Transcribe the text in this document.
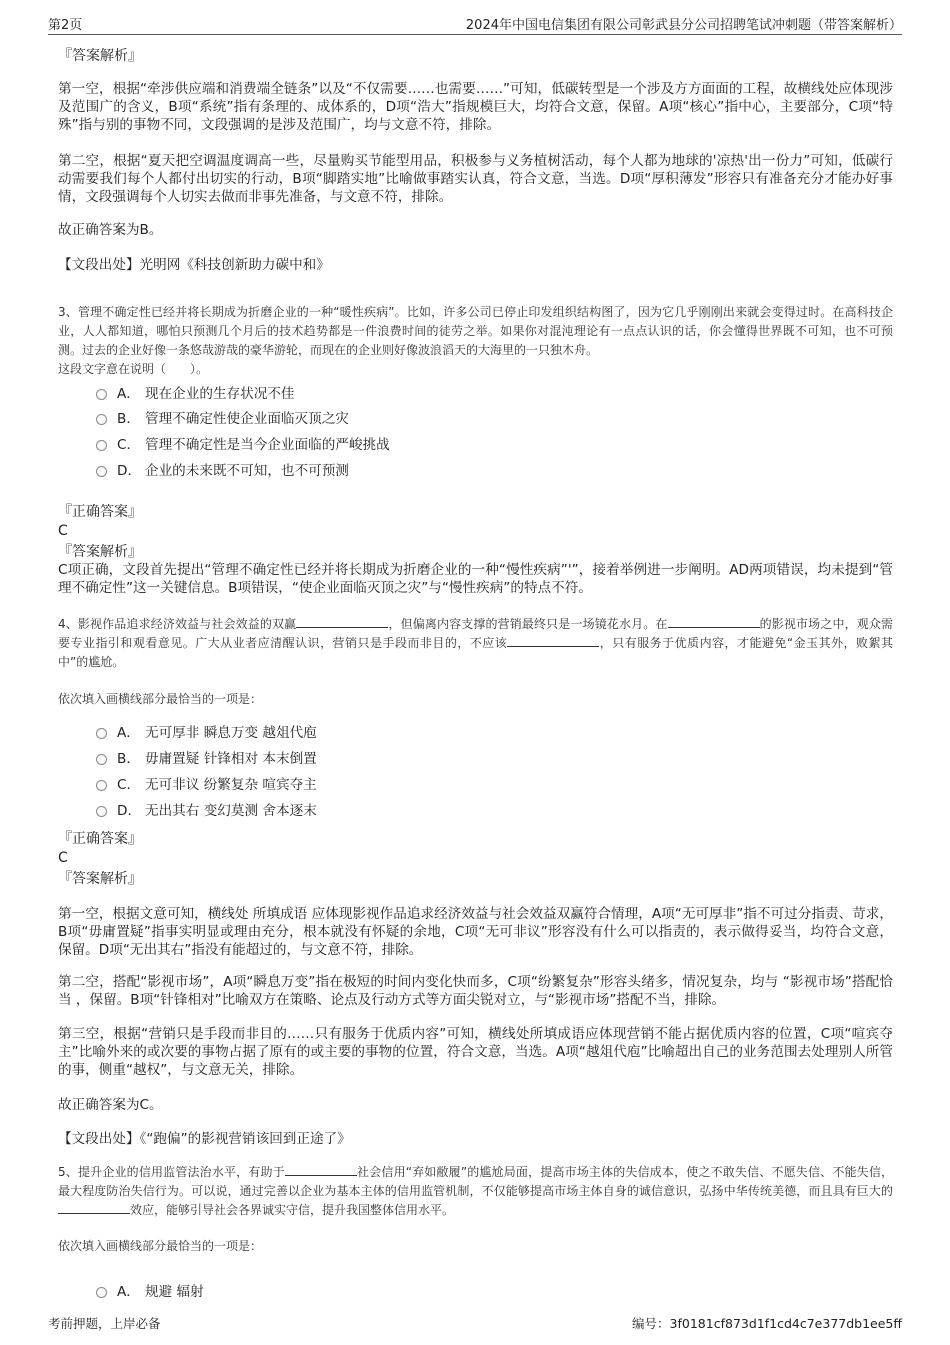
第2页	2024年中国电信集团有限公司彰武县分公司招聘笔试冲刺题（带答案解析）
『答案解析』

第一空，根据“牵涉供应端和消费端全链条”以及“不仅需要……也需要……”可知，低碳转型是一个涉及方方面面的工程，故横线处应体现涉及范围广的含义，B项“系统”指有条理的、成体系的，D项“浩大”指规模巨大，均符合文意，保留。A项“核心”指中心，主要部分，C项“特殊”指与别的事物不同，文段强调的是涉及范围广，均与文意不符，排除。

第二空，根据“夏天把空调温度调高一些，尽量购买节能型用品，积极参与义务植树活动，每个人都为地球的'凉热'出一份力”可知，低碳行动需要我们每个人都付出切实的行动，B项“脚踏实地”比喻做事踏实认真，符合文意，当选。D项“厚积薄发”形容只有准备充分才能办好事情，文段强调每个人切实去做而非事先准备，与文意不符，排除。

故正确答案为B。
【文段出处】光明网《科技创新助力碳中和》

3、管理不确定性已经并将长期成为折磨企业的一种“暖性疾病”。比如，许多公司已停止印发组织结构图了，因为它几乎刚刚出来就会变得过时。在高科技企业，人人都知道，哪怕只预测几个月后的技术趋势都是一件浪费时间的徒劳之举。如果你对混沌理论有一点点认识的话，你会懂得世界既不可知，也不可预测。过去的企业好像一条悠哉游哉的豪华游轮，而现在的企业则好像波浪滔天的大海里的一只独木舟。

这段文字意在说明（　　）。
A． 现在企业的生存状况不佳
B． 管理不确定性使企业面临灭顶之灾
C． 管理不确定性是当今企业面临的严峻挑战
D． 企业的未来既不可知，也不可预测
『正确答案』
C
『答案解析』

C项正确，文段首先提出“管理不确定性已经并将长期成为折磨企业的一种“慢性疾病”'”，接着举例进一步阐明。AD两项错误，均未提到“管理不确定性”这一关键信息。B项错误，“使企业面临灭顶之灾”与“慢性疾病”的特点不符。

4、影视作品追求经济效益与社会效益的双赢	，但偏离内容支撑的营销最终只是一场镜花水月。在	的影视市场之中，观众需要专业指引和观看意见。广大从业者应清醒认识，营销只是手段而非目的，不应该	，只有服务于优质内容，才能避免“金玉其外，败絮其中”的尴尬。

依次填入画横线部分最恰当的一项是：
A． 无可厚非 瞬息万变 越俎代庖
B． 毋庸置疑 针锋相对 本末倒置
C． 无可非议 纷繁复杂 喧宾夺主
D． 无出其右 变幻莫测 舍本逐末
『正确答案』
C
『答案解析』

第一空，根据文意可知，横线处 所填成语 应体现影视作品追求经济效益与社会效益双赢符合情理，A项“无可厚非”指不可过分指责、苛求，B项“毋庸置疑”指事实明显或理由充分，根本就没有怀疑的余地，C项“无可非议”形容没有什么可以指责的，表示做得妥当，均符合文意，保留。D项“无出其右”指没有能超过的，与文意不符，排除。

第二空，搭配“影视市场”，A项“瞬息万变”指在极短的时间内变化快而多，C项“纷繁复杂”形容头绪多，情况复杂，均与 “影视市场”搭配恰当 ，保留。B项“针锋相对”比喻双方在策略、论点及行动方式等方面尖锐对立，与“影视市场”搭配不当，排除。

第三空，根据“营销只是手段而非目的……只有服务于优质内容”可知，横线处所填成语应体现营销不能占据优质内容的位置，C项“喧宾夺主”比喻外来的或次要的事物占据了原有的或主要的事物的位置，符合文意，当选。A项“越俎代庖”比喻超出自己的业务范围去处理别人所管的事，侧重“越权”，与文意无关，排除。

故正确答案为C。
【文段出处】《“跑偏”的影视营销该回到正途了》

5、提升企业的信用监管法治水平，有助于	社会信用“弃如敝履”的尴尬局面，提高市场主体的失信成本，使之不敢失信、不愿失信、不能失信，最大程度防治失信行为。可以说，通过完善以企业为基本主体的信用监管机制，不仅能够提高市场主体自身的诚信意识，弘扬中华传统美德，而且具有巨大的效应，能够引导社会各界诚实守信，提升我国整体信用水平。

依次填入画横线部分最恰当的一项是：
A． 规避 辐射
考前押题，上岸必备	编号：3f0181cf873d1f1cd4c7e377db1ee5ff
